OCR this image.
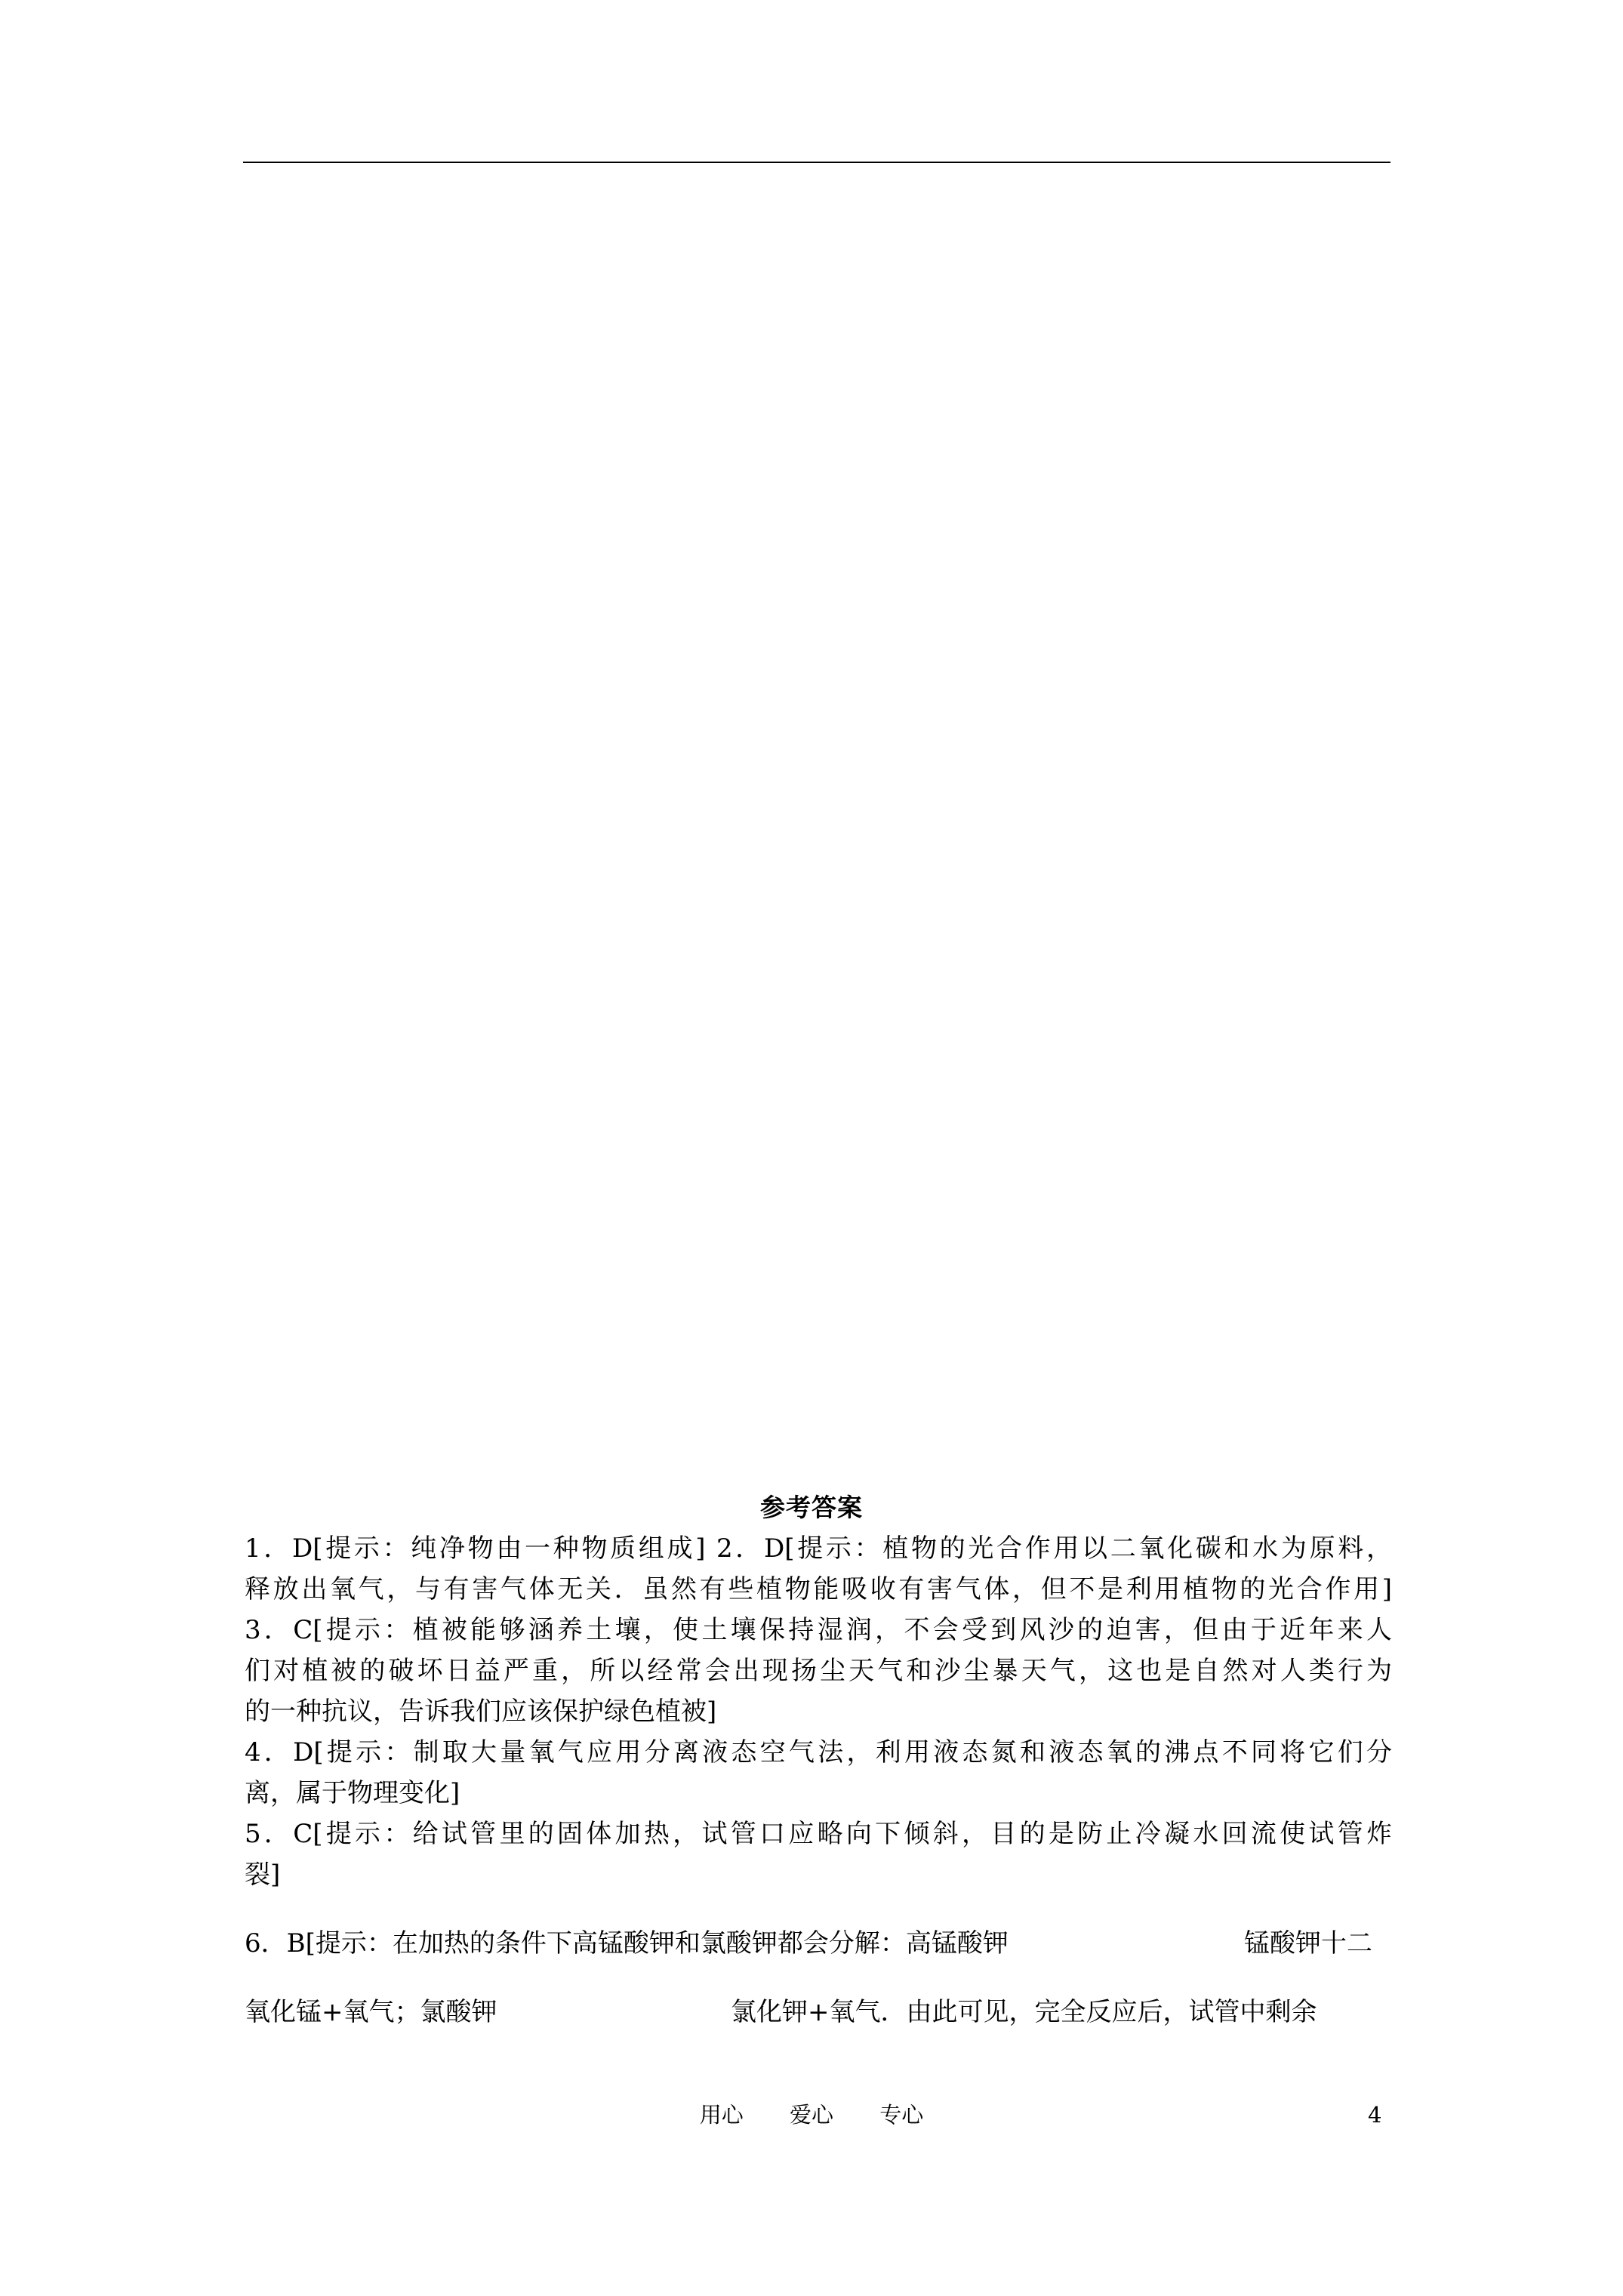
参考答案
1．D[提示：纯净物由一种物质组成] 2．D[提示：植物的光合作用以二氧化碳和水为原料，
释放出氧气，与有害气体无关．虽然有些植物能吸收有害气体，但不是利用植物的光合作用]
3．C[提示：植被能够涵养土壤，使土壤保持湿润，不会受到风沙的迫害，但由于近年来人
们对植被的破坏日益严重，所以经常会出现扬尘天气和沙尘暴天气，这也是自然对人类行为
的一种抗议，告诉我们应该保护绿色植被]
4．D[提示：制取大量氧气应用分离液态空气法，利用液态氮和液态氧的沸点不同将它们分
离，属于物理变化]
5．C[提示：给试管里的固体加热，试管口应略向下倾斜，目的是防止冷凝水回流使试管炸
裂]
6．B[提示：在加热的条件下高锰酸钾和氯酸钾都会分解：高锰酸钾	锰酸钾十二
氧化锰+氧气；氯酸钾	氯化钾+氧气．由此可见，完全反应后，试管中剩余
用心 爱心 专心	4
